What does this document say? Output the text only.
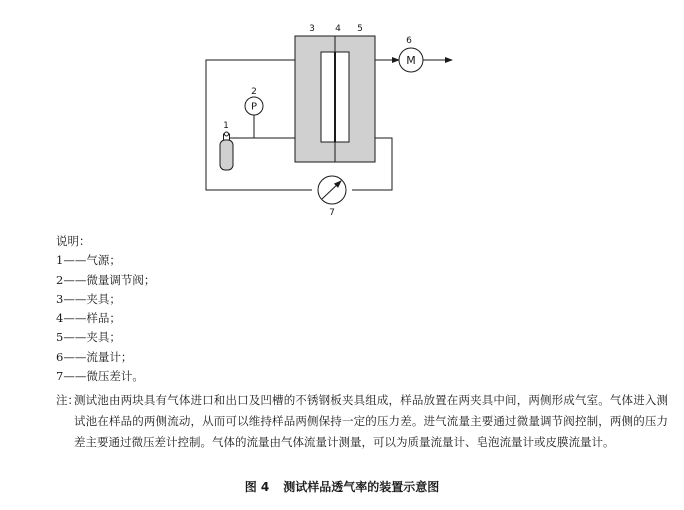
3 4 5
M
6
P
2
1
7
说明：
1——气源；
2——微量调节阀；
3——夹具；
4——样品；
5——夹具；
6——流量计；
7——微压差计。
注：
测试池由两块具有气体进口和出口及凹槽的不锈钢板夹具组成，样品放置在两夹具中间，两侧形成气室。气体进入测试池在样品的两侧流动，从而可以维持样品两侧保持一定的压力差。进气流量主要通过微量调节阀控制，两侧的压力差主要通过微压差计控制。气体的流量由气体流量计测量，可以为质量流量计、皂泡流量计或皮膜流量计。
图 4 测试样品透气率的装置示意图
